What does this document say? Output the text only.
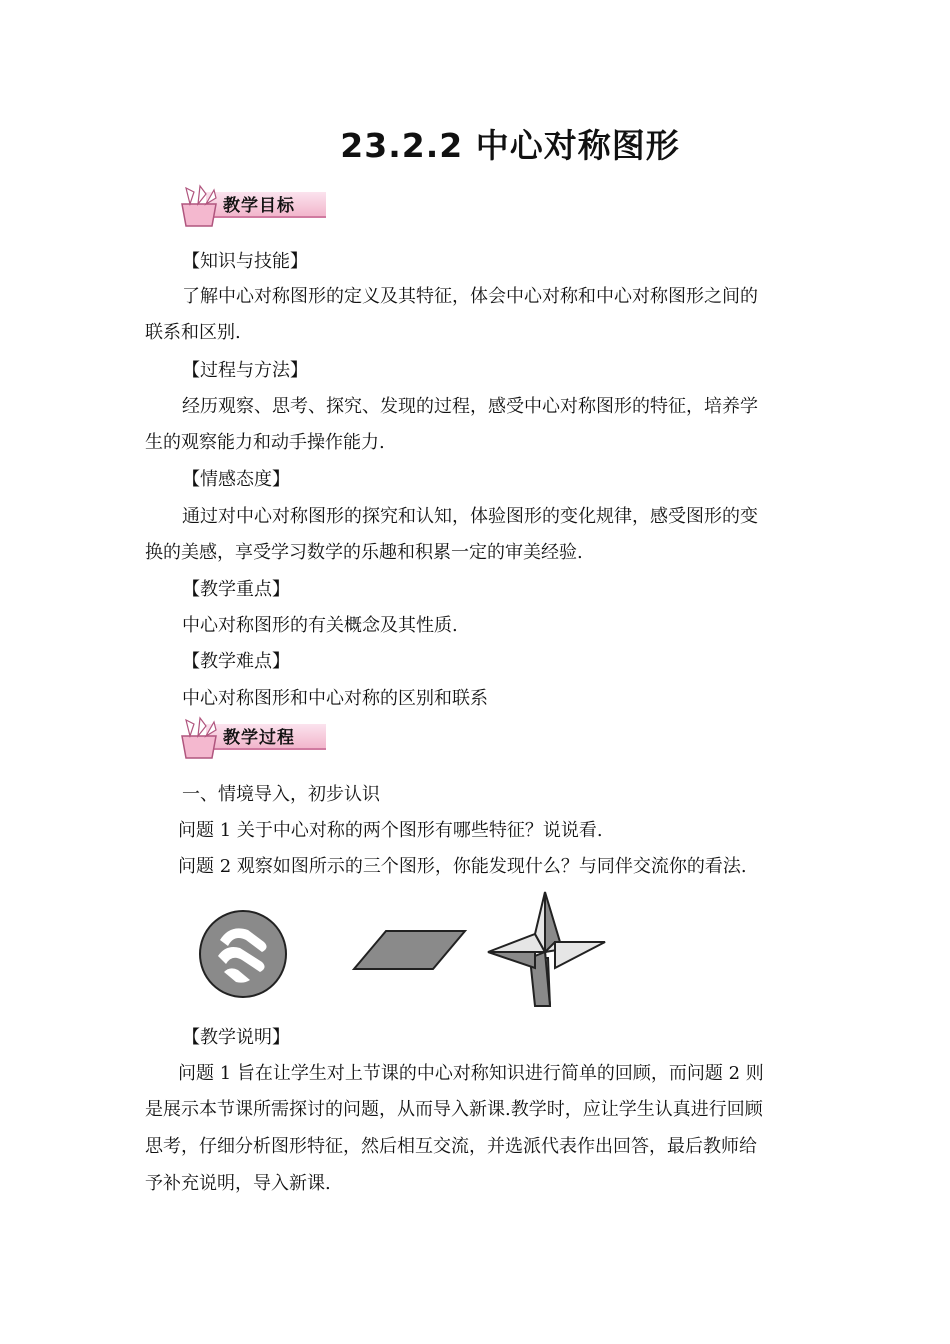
23.2.2 中心对称图形
教学目标
【知识与技能】
了解中心对称图形的定义及其特征，体会中心对称和中心对称图形之间的
联系和区别.
【过程与方法】
经历观察、思考、探究、发现的过程，感受中心对称图形的特征，培养学
生的观察能力和动手操作能力.
【情感态度】
通过对中心对称图形的探究和认知，体验图形的变化规律，感受图形的变
换的美感，享受学习数学的乐趣和积累一定的审美经验.
【教学重点】
中心对称图形的有关概念及其性质.
【教学难点】
中心对称图形和中心对称的区别和联系
教学过程
一、情境导入，初步认识
问题 1 关于中心对称的两个图形有哪些特征？说说看.
问题 2 观察如图所示的三个图形，你能发现什么？与同伴交流你的看法.
【教学说明】
问题 1 旨在让学生对上节课的中心对称知识进行简单的回顾，而问题 2 则
是展示本节课所需探讨的问题，从而导入新课.教学时，应让学生认真进行回顾
思考，仔细分析图形特征，然后相互交流，并选派代表作出回答，最后教师给
予补充说明，导入新课.
